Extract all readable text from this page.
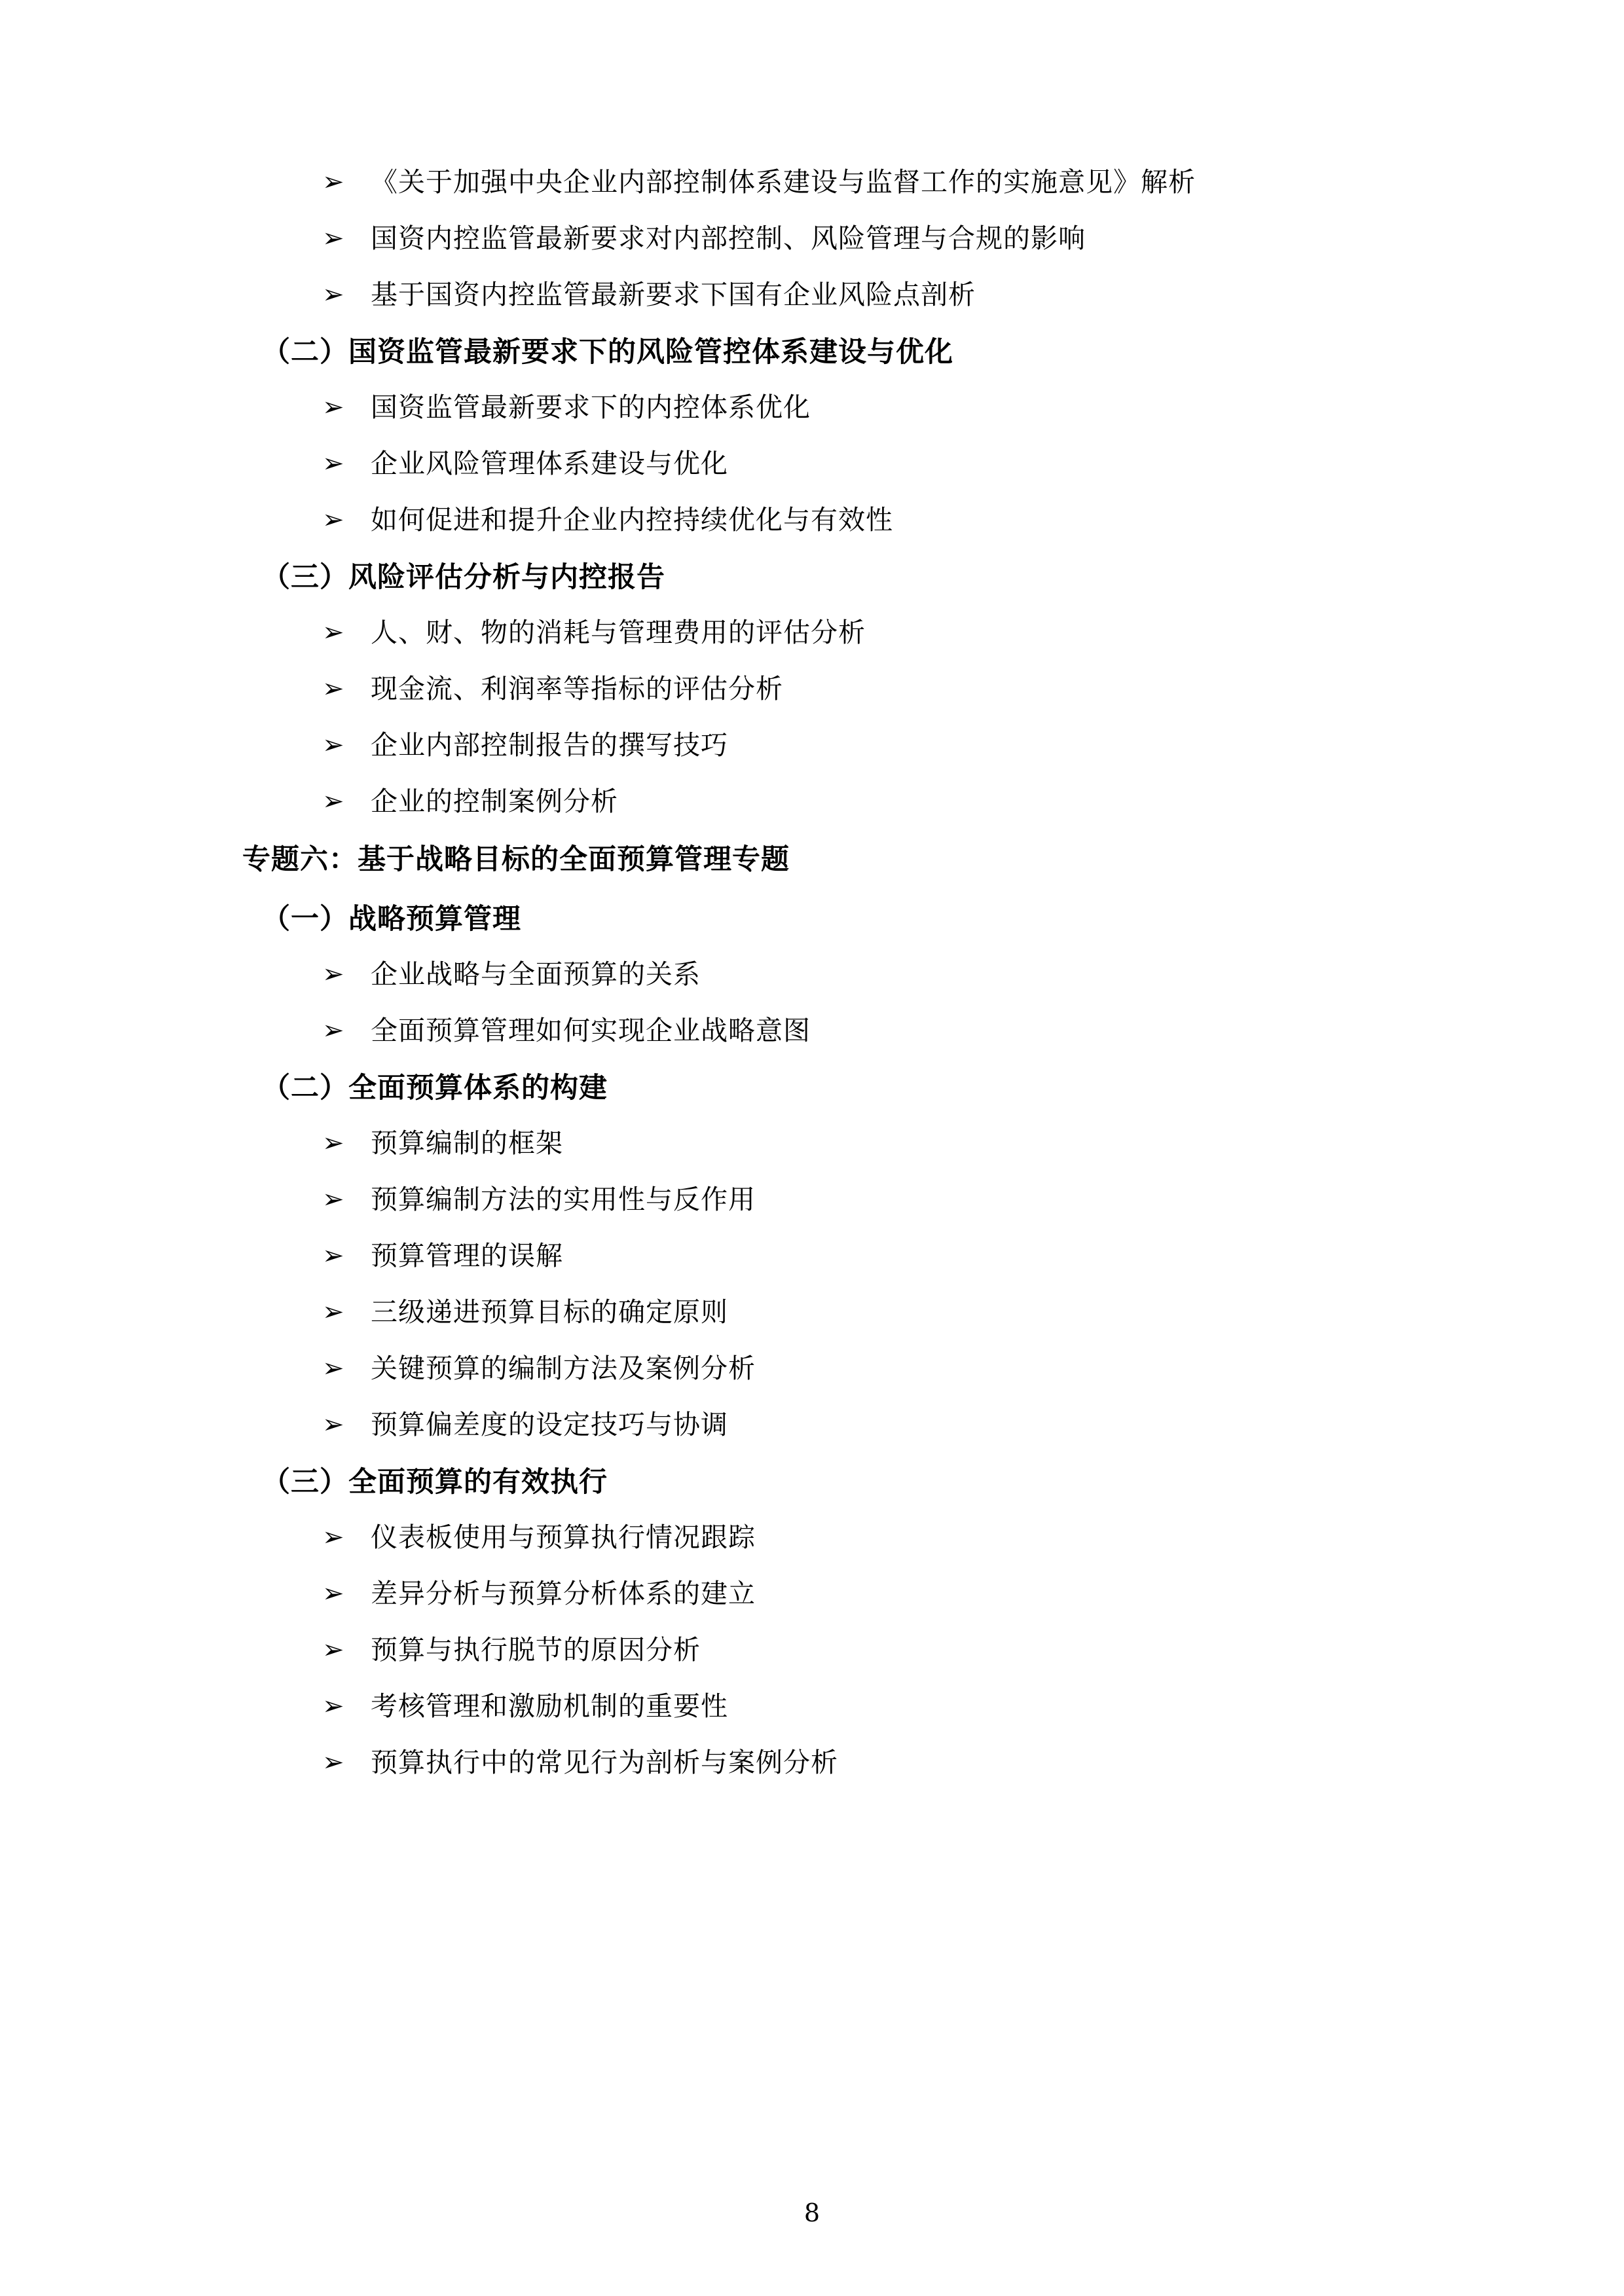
➢ 《关于加强中央企业内部控制体系建设与监督工作的实施意见》解析
➢ 国资内控监管最新要求对内部控制、风险管理与合规的影响
➢ 基于国资内控监管最新要求下国有企业风险点剖析
（二）国资监管最新要求下的风险管控体系建设与优化
➢ 国资监管最新要求下的内控体系优化
➢ 企业风险管理体系建设与优化
➢ 如何促进和提升企业内控持续优化与有效性
（三）风险评估分析与内控报告
➢ 人、财、物的消耗与管理费用的评估分析
➢ 现金流、利润率等指标的评估分析
➢ 企业内部控制报告的撰写技巧
➢ 企业的控制案例分析
专题六：基于战略目标的全面预算管理专题
（一）战略预算管理
➢ 企业战略与全面预算的关系
➢ 全面预算管理如何实现企业战略意图
（二）全面预算体系的构建
➢ 预算编制的框架
➢ 预算编制方法的实用性与反作用
➢ 预算管理的误解
➢ 三级递进预算目标的确定原则
➢ 关键预算的编制方法及案例分析
➢ 预算偏差度的设定技巧与协调
（三）全面预算的有效执行
➢ 仪表板使用与预算执行情况跟踪
➢ 差异分析与预算分析体系的建立
➢ 预算与执行脱节的原因分析
➢ 考核管理和激励机制的重要性
➢ 预算执行中的常见行为剖析与案例分析
8
